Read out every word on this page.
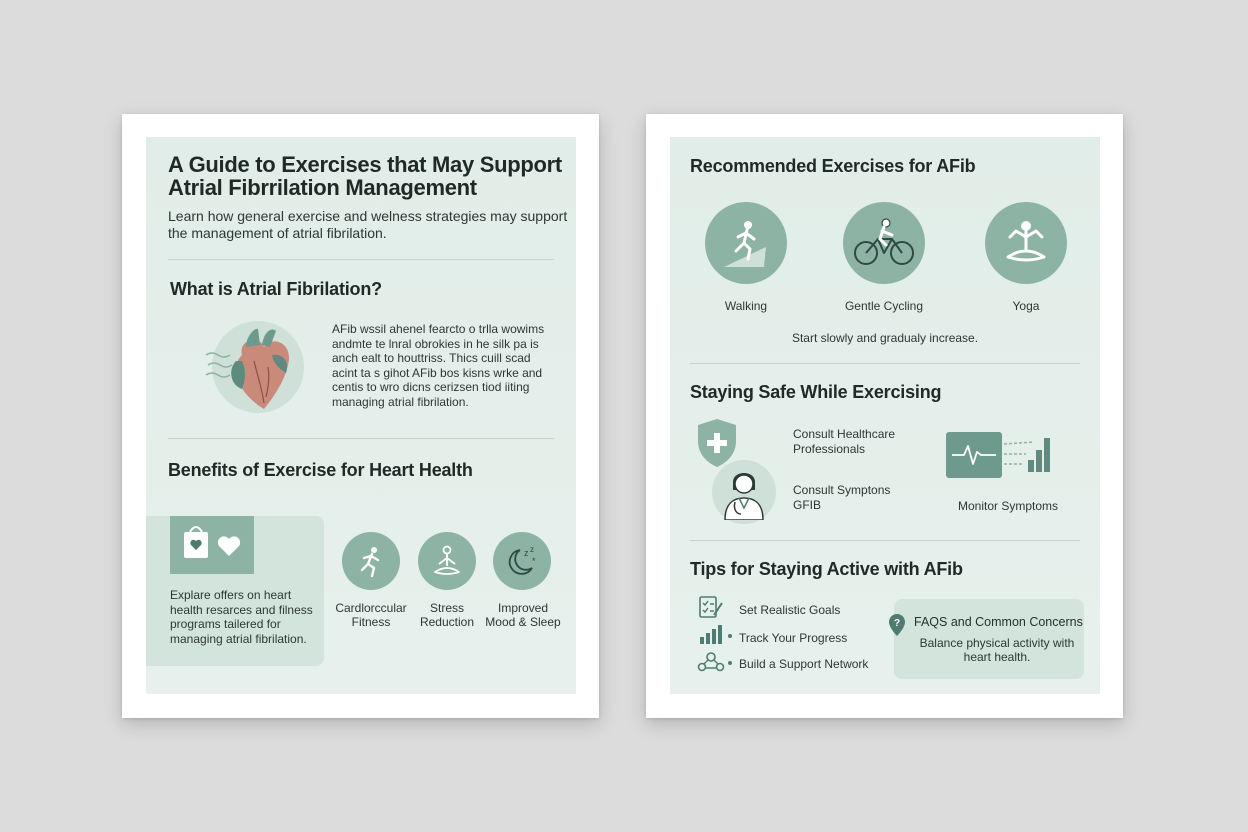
A Guide to Exercises that May Support
Atrial Fibrrilation Management
Learn how general exercise and welness strategies may support
the management of atrial fibrilation.
What is Atrial Fibrilation?
AFib wssil ahenel fearcto o trlla wowims
andmte te lnral obrokies in he silk pa is
anch ealt to houttriss. Thics cuill scad
acint ta s gihot AFib bos kisns wrke and
centis to wro dicns cerizsen tiod iiting
managing atrial fibrilation.
Benefits of Exercise for Heart Health
Explare offers on heart
health resarces and filness
programs tailered for
managing atrial fibrilation.
Cardlorccular
Fitness
Stress
Reduction
z z
*
Improved
Mood & Sleep
Recommended Exercises for AFib
Walking	Gentle Cycling	Yoga
Start slowly and gradualy increase.
Staying Safe While Exercising
Consult Healthcare
Professionals
Consult Symptons
GFIB	Monitor Symptoms
Tips for Staying Active with AFib
Set Realistic Goals
Track Your Progress
Build a Support Network
? FAQS and Common Concerns
Balance physical activity with
heart health.
